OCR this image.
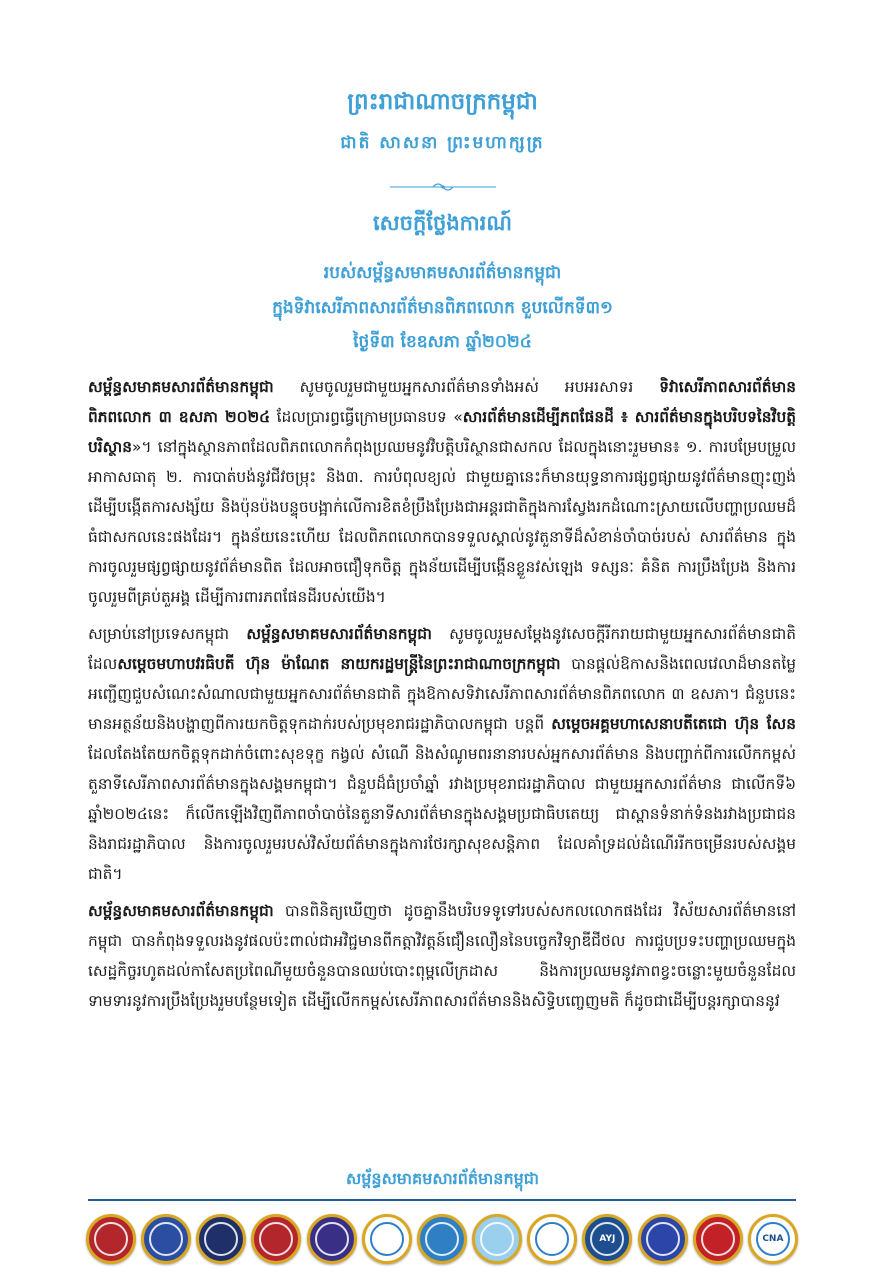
ព្រះរាជាណាចក្រកម្ពុជា
ជាតិ សាសនា ព្រះមហាក្សត្រ
សេចក្តីថ្លែងការណ៍
របស់សម្ព័ន្ធសមាគមសារព័ត៌មានកម្ពុជា
ក្នុងទិវាសេរីភាពសារព័ត៌មានពិភពលោក ខួបលើកទី៣១
ថ្ងៃទី៣ ខែឧសភា ឆ្នាំ២០២៤

សម្ព័ន្ធសមាគមសារព័ត៌មានកម្ពុជា សូមចូលរួមជាមួយអ្នកសារព័ត៌មានទាំងអស់ អបអរសាទរ ទិវាសេរីភាពសារព័ត៌មានពិភពលោក ៣ ឧសភា ២០២៤ ដែលប្រារព្ធធ្វើក្រោមប្រធានបទ «សារព័ត៌មានដើម្បីភពផែនដី ៖ សារព័ត៌មានក្នុងបរិបទនៃវិបត្តិបរិស្ថាន»។ នៅក្នុងស្ថានភាពដែលពិភពលោកកំពុងប្រឈមនូវវិបត្តិបរិស្ថានជាសកល ដែលក្នុងនោះរួមមាន៖ ១. ការបម្រែបម្រួលអាកាសធាតុ ២. ការបាត់បង់នូវជីវចម្រុះ និង៣. ការបំពុលខ្យល់ ជាមួយគ្នានេះក៏មានយុទ្ធនាការផ្សព្វផ្សាយនូវព័ត៌មានញុះញង់ ដើម្បីបង្កើតការសង្ស័យ និងប៉ុនប៉ងបន្ទុចបង្អាក់លើការខិតខំប្រឹងប្រែងជាអន្តរជាតិក្នុងការស្វែងរកដំណោះស្រាយលើបញ្ហាប្រឈមដ៏ធំជាសកលនេះផងដែរ។ ក្នុងន័យនេះហើយ ដែលពិភពលោកបានទទួលស្គាល់នូវតួនាទីដ៏សំខាន់ចាំបាច់របស់ សារព័ត៌មាន ក្នុងការចូលរួមផ្សព្វផ្សាយនូវព័ត៌មានពិត ដែលអាចជឿទុកចិត្ត ក្នុងន័យដើម្បីបង្កើនខ្លួនវស់ឡេង ទស្សនៈ គំនិត ការប្រឹងប្រែង និងការចូលរួមពីគ្រប់តួអង្គ ដើម្បីការពារភពផែនដីរបស់យើង។

សម្រាប់នៅប្រទេសកម្ពុជា សម្ព័ន្ធសមាគមសារព័ត៌មានកម្ពុជា សូមចូលរួមសម្តែងនូវសេចក្តីរីករាយជាមួយអ្នកសារព័ត៌មានជាតិ ដែលសម្តេចមហាបវរធិបតី ហ៊ុន ម៉ាណែត នាយករដ្ឋមន្ត្រីនៃព្រះរាជាណាចក្រកម្ពុជា បានផ្តល់ឱកាសនិងពេលវេលាដ៏មានតម្លៃ អញ្ជើញជួបសំណេះសំណាលជាមួយអ្នកសារព័ត៌មានជាតិ ក្នុងឱកាសទិវាសេរីភាពសារព័ត៌មានពិភពលោក ៣ ឧសភា។ ជំនួបនេះមានអត្ថន័យនិងបង្ហាញពីការយកចិត្តទុកដាក់របស់ប្រមុខរាជរដ្ឋាភិបាលកម្ពុជា បន្តពី សម្តេចអគ្គមហាសេនាបតីតេជោ ហ៊ុន សែន ដែលតែងតែយកចិត្តទុកដាក់ចំពោះសុខទុក្ខ កង្វល់ សំណើ និងសំណូមពរនានារបស់អ្នកសារព័ត៌មាន និងបញ្ជាក់ពីការលើកកម្ពស់តួនាទីសេរីភាពសារព័ត៌មានក្នុងសង្គមកម្ពុជា។ ជំនួបដ៏ធំប្រចាំឆ្នាំ រវាងប្រមុខរាជរដ្ឋាភិបាល ជាមួយអ្នកសារព័ត៌មាន ជាលើកទី៦ ឆ្នាំ២០២៤នេះ ក៏លើកឡើងវិញពីភាពចាំបាច់នៃតួនាទីសារព័ត៌មានក្នុងសង្គមប្រជាធិបតេយ្យ ជាស្ពានទំនាក់ទំនងរវាងប្រជាជន និងរាជរដ្ឋាភិបាល និងការចូលរួមរបស់វិស័យព័ត៌មានក្នុងការថែរក្សាសុខសន្តិភាព ដែលគាំទ្រដល់ដំណើររីកចម្រើនរបស់សង្គមជាតិ។

សម្ព័ន្ធសមាគមសារព័ត៌មានកម្ពុជា បានពិនិត្យឃើញថា ដូចគ្នានឹងបរិបទទូទៅរបស់សកលលោកផងដែរ វិស័យសារព័ត៌មាននៅកម្ពុជា បានកំពុងទទួលរងនូវផលប៉ះពាល់ជាអវិជ្ជមានពីកត្តាវិវត្តន៍ជឿនលឿននៃបច្ចេកវិទ្យាឌីជីថល ការជួបប្រទះបញ្ហាប្រឈមក្នុងសេដ្ឋកិច្ចរហូតដល់កាសែតប្រពៃណីមួយចំនួនបានឈប់បោះពុម្ពលើក្រដាស និងការប្រឈមនូវភាពខ្វះចន្លោះមួយចំនួនដែលទាមទារនូវការប្រឹងប្រែងរួមបន្ថែមទៀត ដើម្បីលើកកម្ពស់សេរីភាពសារព័ត៌មាននិងសិទ្ធិបញ្ចេញមតិ ក៏ដូចជាដើម្បីបន្តរក្សាបាននូវ

សម្ព័ន្ធសមាគមសារព័ត៌មានកម្ពុជា
AYJ	CNA
